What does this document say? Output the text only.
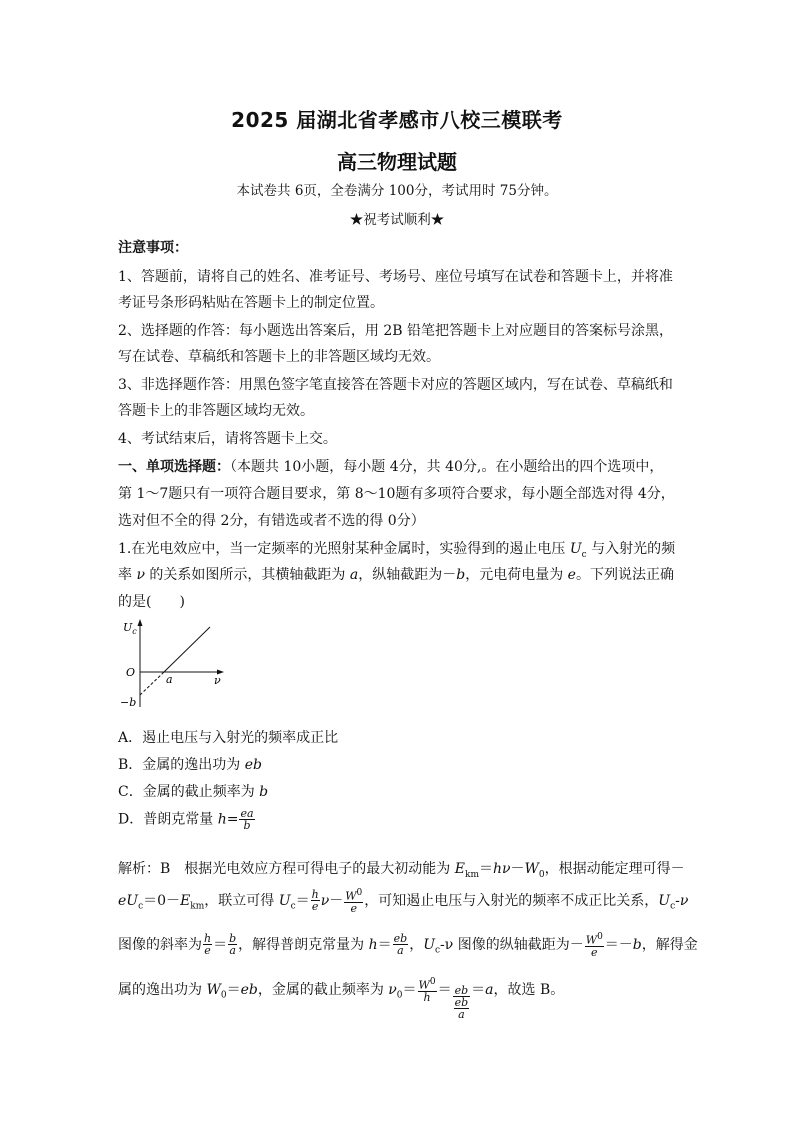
2025 届湖北省孝感市八校三模联考
高三物理试题
本试卷共 6页，全卷满分 100分，考试用时 75分钟。
★祝考试顺利★
注意事项：
1、答题前，请将自己的姓名、准考证号、考场号、座位号填写在试卷和答题卡上，并将准
考证号条形码粘贴在答题卡上的制定位置。
2、选择题的作答：每小题选出答案后，用 2B 铅笔把答题卡上对应题目的答案标号涂黑，
写在试卷、草稿纸和答题卡上的非答题区域均无效。
3、非选择题作答：用黑色签字笔直接答在答题卡对应的答题区域内，写在试卷、草稿纸和
答题卡上的非答题区域均无效。
4、考试结束后，请将答题卡上交。
一、单项选择题：（本题共 10小题，每小题 4分，共 40分,。在小题给出的四个选项中，
第 1～7题只有一项符合题目要求，第 8～10题有多项符合要求，每小题全部选对得 4分，
选对但不全的得 2分，有错选或者不选的得 0分）
1.在光电效应中，当一定频率的光照射某种金属时，实验得到的遏止电压 $U_c$ 与入射光的频
率 ν 的关系如图所示，其横轴截距为 a，纵轴截距为－b，元电荷电量为 e。下列说法正确
的是(　　)
$U_c$
ν
O
a
−b
A．遏止电压与入射光的频率成正比
B．金属的逸出功为 eb
C．金属的截止频率为 b
D．普朗克常量 $h= \frac{ea}{b}$
解析：B　根据光电效应方程可得电子的最大初动能为 $E_{km}=h\nu-W_0$，根据动能定理可得－
$eU_c=0-E_{km}$，联立可得 $U_c= \frac{h}{e} \nu- \frac{W^0}{e}$ ，可知遏止电压与入射光的频率不成正比关系，$U_c-\nu$
图像的斜率为 $\frac{h}{e} = \frac{b}{a}$ ，解得普朗克常量为 $h= \frac{eb}{a}$ ，$U_c-\nu$ 图像的纵轴截距为－ $\frac{W^0}{e} =-b$，解得金
属的逸出功为 $W_0=eb$，金属的截止频率为 $\nu_0= \frac{W^0}{h} = \frac{eb}{\frac{eb}{a}} =a$，故选 B。
